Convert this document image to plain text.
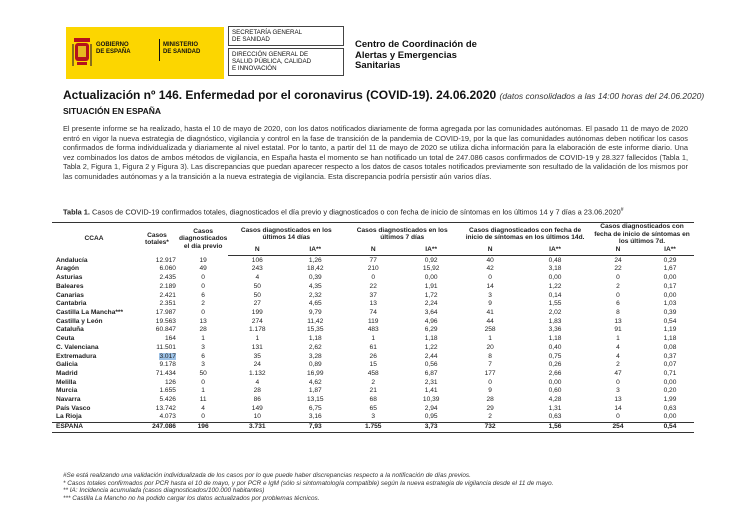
GOBIERNO
DE ESPAÑA
MINISTERIO
DE SANIDAD
SECRETARÍA GENERAL
DE SANIDAD
DIRECCIÓN GENERAL DE
SALUD PÚBLICA, CALIDAD
E INNOVACIÓN
Centro de Coordinación de
Alertas y Emergencias
Sanitarias
Actualización nº 146. Enfermedad por el coronavirus (COVID-19). 24.06.2020 (datos consolidados a las 14:00 horas del 24.06.2020)
SITUACIÓN EN ESPAÑA
El presente informe se ha realizado, hasta el 10 de mayo de 2020, con los datos notificados diariamente de forma agregada por las comunidades autónomas. El pasado 11 de mayo de 2020 entró en vigor la nueva estrategia de diagnóstico, vigilancia y control en la fase de transición de la pandemia de COVID-19, por la que las comunidades autónomas deben notificar los casos confirmados de forma individualizada y diariamente al nivel estatal. Por lo tanto, a partir del 11 de mayo de 2020 se utiliza dicha información para la elaboración de este informe diario. Una vez combinados los datos de ambos métodos de vigilancia, en España hasta el momento se han notificado un total de 247.086 casos confirmados de COVID-19 y 28.327 fallecidos (Tabla 1, Tabla 2, Figura 1, Figura 2 y Figura 3). Las discrepancias que puedan aparecer respecto a los datos de casos totales notificados previamente son resultado de la validación de los mismos por las comunidades autónomas y a la transición a la nueva estrategia de vigilancia. Esta discrepancia podría persistir aún varios días.
Tabla 1. Casos de COVID-19 confirmados totales, diagnosticados el día previo y diagnosticados o con fecha de inicio de síntomas en los últimos 14 y 7 días a 23.06.2020#
CCAA	Casos totales*	Casos diagnosticados el día previo	Casos diagnosticados en los últimos 14 días		Casos diagnosticados en los últimos 7 días		Casos diagnosticados con fecha de inicio de síntomas en los últimos 14d.		Casos diagnosticados con fecha de inicio de síntomas en los últimos 7d.	
			N	IA**	N	IA**	N	IA**	N	IA**
Andalucía	12.917	19	106	1,26	77	0,92	40	0,48	24	0,29
Aragón	6.060	49	243	18,42	210	15,92	42	3,18	22	1,67
Asturias	2.435	0	4	0,39	0	0,00	0	0,00	0	0,00
Baleares	2.189	0	50	4,35	22	1,91	14	1,22	2	0,17
Canarias	2.421	6	50	2,32	37	1,72	3	0,14	0	0,00
Cantabria	2.351	2	27	4,65	13	2,24	9	1,55	6	1,03
Castilla La Mancha***	17.987	0	199	9,79	74	3,64	41	2,02	8	0,39
Castilla y León	19.563	13	274	11,42	119	4,96	44	1,83	13	0,54
Cataluña	60.847	28	1.178	15,35	483	6,29	258	3,36	91	1,19
Ceuta	164	1	1	1,18	1	1,18	1	1,18	1	1,18
C. Valenciana	11.501	3	131	2,62	61	1,22	20	0,40	4	0,08
Extremadura	3.017	6	35	3,28	26	2,44	8	0,75	4	0,37
Galicia	9.178	3	24	0,89	15	0,56	7	0,26	2	0,07
Madrid	71.434	50	1.132	16,99	458	6,87	177	2,66	47	0,71
Melilla	126	0	4	4,62	2	2,31	0	0,00	0	0,00
Murcia	1.655	1	28	1,87	21	1,41	9	0,60	3	0,20
Navarra	5.426	11	86	13,15	68	10,39	28	4,28	13	1,99
País Vasco	13.742	4	149	6,75	65	2,94	29	1,31	14	0,63
La Rioja	4.073	0	10	3,16	3	0,95	2	0,63	0	0,00
ESPAÑA	247.086	196	3.731	7,93	1.755	3,73	732	1,56	254	0,54
#Se está realizando una validación individualizada de los casos por lo que puede haber discrepancias respecto a la notificación de días previos.
* Casos totales confirmados por PCR hasta el 10 de mayo, y por PCR e IgM (sólo si sintomatología compatible) según la nueva estrategia de vigilancia desde el 11 de mayo.
** IA: Incidencia acumulada (casos diagnosticados/100.000 habitantes)
*** Castilla La Mancho no ha podido cargar los datos actualizados por problemas técnicos.
